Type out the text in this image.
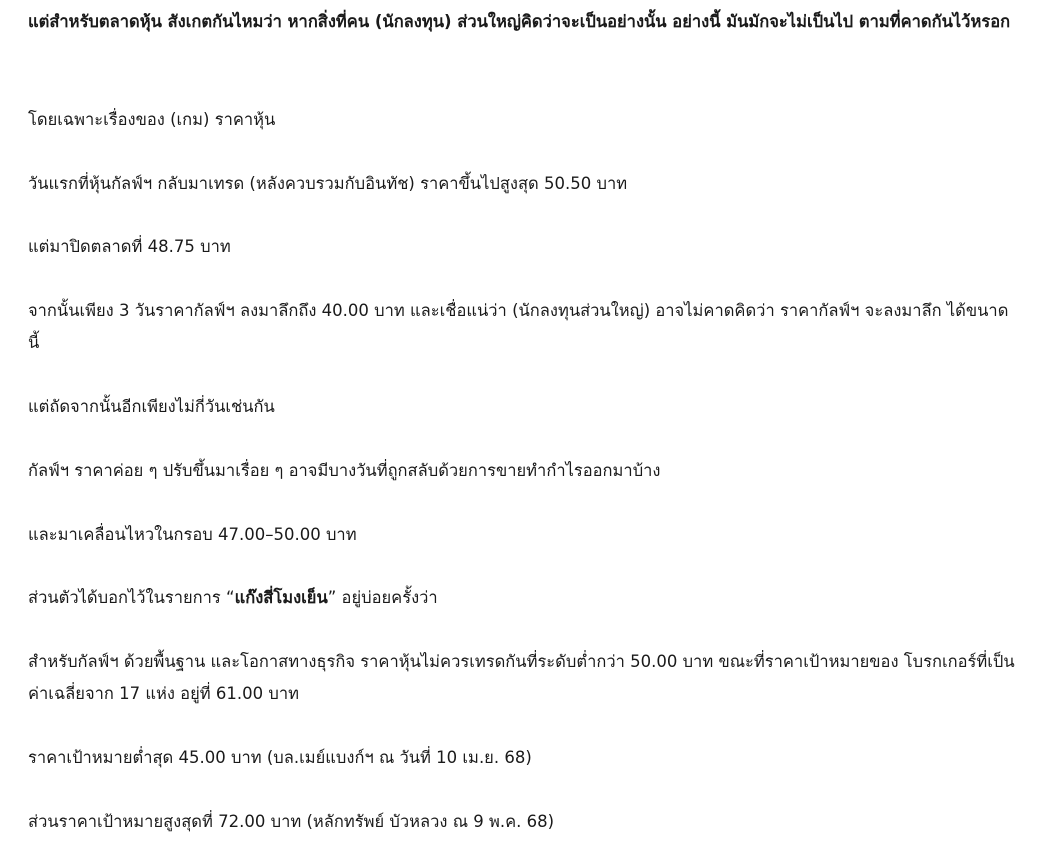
แต่สำหรับตลาดหุ้น สังเกตกันไหมว่า หากสิ่งที่คน (นักลงทุน) ส่วนใหญ่คิดว่าจะเป็นอย่างนั้น อย่างนี้ มันมักจะไม่เป็นไป ตามที่คาดกันไว้หรอก

โดยเฉพาะเรื่องของ (เกม) ราคาหุ้น

วันแรกที่หุ้นกัลฟ์ฯ กลับมาเทรด (หลังควบรวมกับอินทัช) ราคาขึ้นไปสูงสุด 50.50 บาท

แต่มาปิดตลาดที่ 48.75 บาท

จากนั้นเพียง 3 วันราคากัลฟ์ฯ ลงมาลึกถึง 40.00 บาท และเชื่อแน่ว่า (นักลงทุนส่วนใหญ่) อาจไม่คาดคิดว่า ราคากัลฟ์ฯ จะลงมาลึก ได้ขนาดนี้

แต่ถัดจากนั้นอีกเพียงไม่กี่วันเช่นกัน

กัลฟ์ฯ ราคาค่อย ๆ ปรับขึ้นมาเรื่อย ๆ อาจมีบางวันที่ถูกสลับด้วยการขายทำกำไรออกมาบ้าง

และมาเคลื่อนไหวในกรอบ 47.00–50.00 บาท

ส่วนตัวได้บอกไว้ในรายการ “แก๊งสี่โมงเย็น” อยู่บ่อยครั้งว่า

สำหรับกัลฟ์ฯ ด้วยพื้นฐาน และโอกาสทางธุรกิจ ราคาหุ้นไม่ควรเทรดกันที่ระดับต่ำกว่า 50.00 บาท ขณะที่ราคาเป้าหมายของ โบรกเกอร์ที่เป็นค่าเฉลี่ยจาก 17 แห่ง อยู่ที่ 61.00 บาท

ราคาเป้าหมายต่ำสุด 45.00 บาท (บล.เมย์แบงก์ฯ ณ วันที่ 10 เม.ย. 68)

ส่วนราคาเป้าหมายสูงสุดที่ 72.00 บาท (หลักทรัพย์ บัวหลวง ณ 9 พ.ค. 68)
